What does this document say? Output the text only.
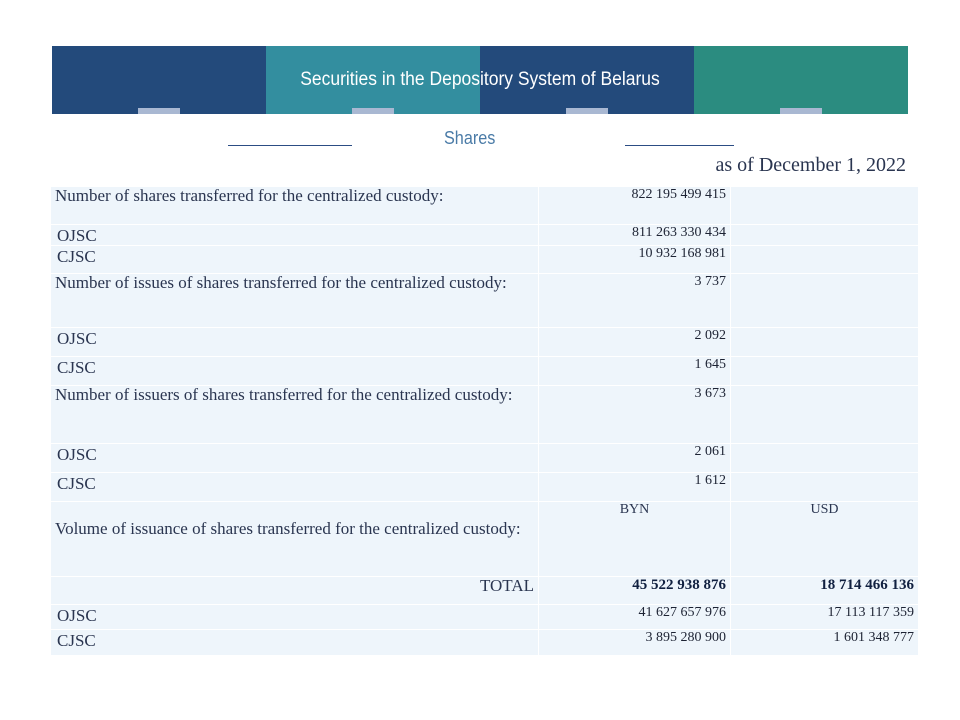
Securities in the Depository System of Belarus
Shares
as of December 1, 2022
Number of shares transferred for the centralized custody:	822 195 499 415	
OJSC	811 263 330 434	
CJSC	10 932 168 981	
Number of issues of shares transferred for the centralized custody:	3 737	
OJSC	2 092	
CJSC	1 645	
Number of issuers of shares transferred for the centralized custody:	3 673	
OJSC	2 061	
CJSC	1 612	
Volume of issuance of shares transferred for the centralized custody:	BYN	USD
TOTAL	45 522 938 876	18 714 466 136
OJSC	41 627 657 976	17 113 117 359
CJSC	3 895 280 900	1 601 348 777
